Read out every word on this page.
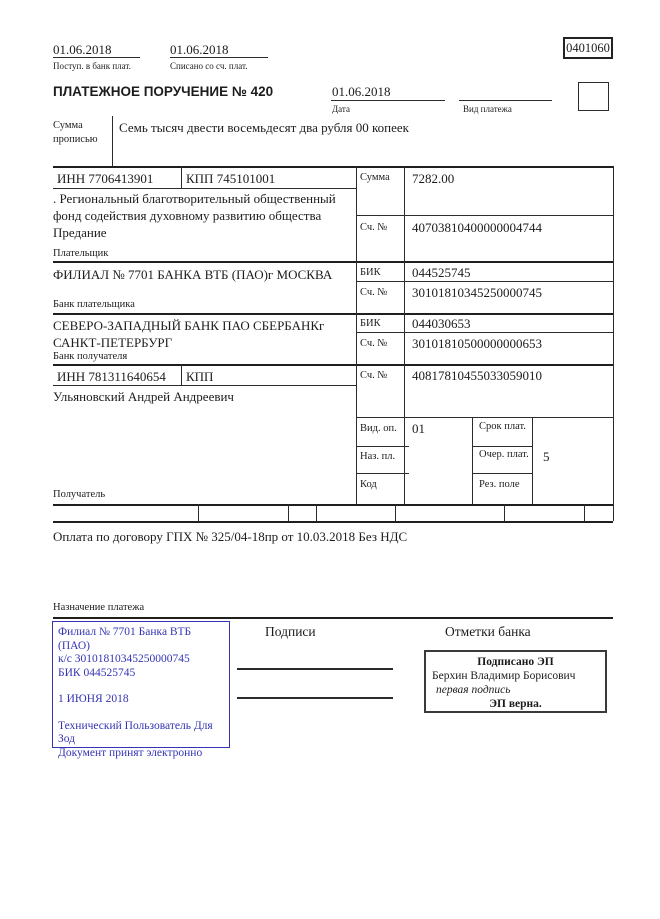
01.06.2018
Поступ. в банк плат.
01.06.2018
Списано со сч. плат.
0401060
ПЛАТЕЖНОЕ ПОРУЧЕНИЕ № 420	01.06.2018
Дата	Вид платежа
Сумма
прописью
Семь тысяч двести восемьдесят два рубля 00 копеек
ИНН 7706413901	КПП 745101001	Сумма 7282.00
. Региональный благотворительный общественный фонд содействия духовному развитию общества Предание
Плательщик
Сч. № 40703810400000004744
ФИЛИАЛ № 7701 БАНКА ВТБ (ПАО)г МОСКВА
Банк плательщика
БИК 044525745
Сч. № 30101810345250000745
СЕВЕРО-ЗАПАДНЫЙ БАНК ПАО СБЕРБАНКг САНКТ-ПЕТЕРБУРГ
Банк получателя
БИК 044030653
Сч. № 30101810500000000653
ИНН 781311640654 КПП	Сч. № 40817810455033059010
Ульяновский Андрей Андреевич
Получатель
Вид. оп. 01	Срок плат.
Наз. пл.	Очер. плат. 5
Код	Рез. поле
Оплата по договору ГПХ № 325/04-18пр от 10.03.2018 Без НДС
Назначение платежа
Филиал № 7701 Банка ВТБ (ПАО)
к/с 30101810345250000745
БИК 044525745
1 ИЮНЯ 2018
Технический Пользователь Для Зод
Документ принят электронно
Подписи	Отметки банка
Подписано ЭП
Берхин Владимир Борисович
первая подпись
ЭП верна.
